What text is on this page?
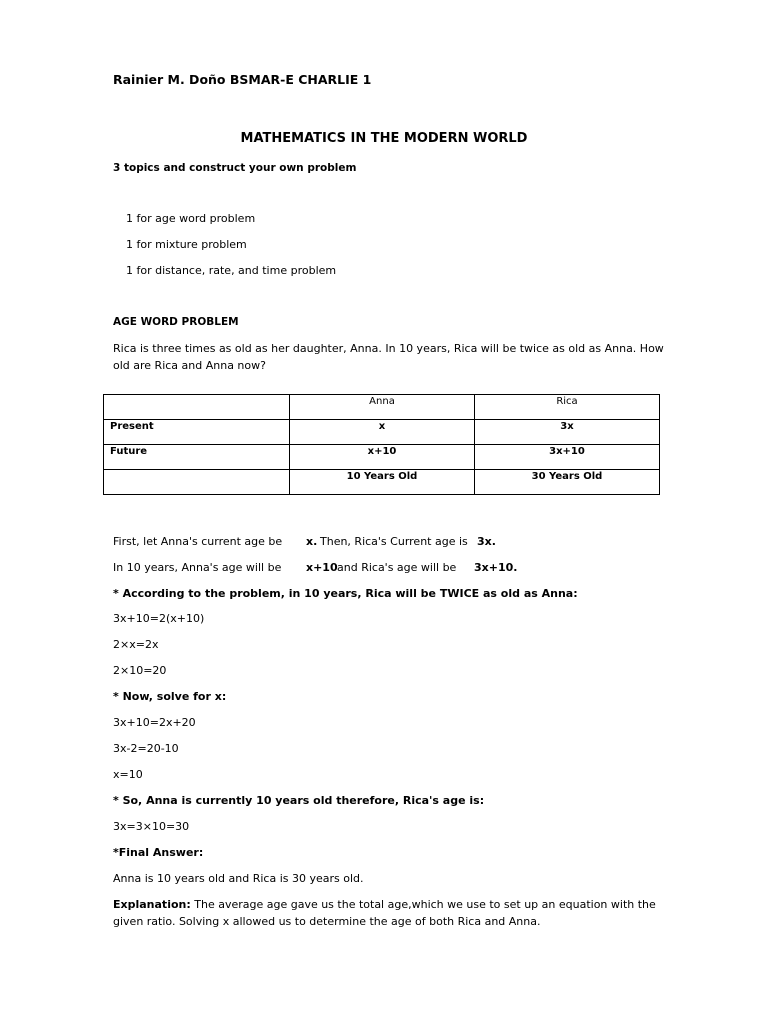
Rainier M. Doño BSMAR-E CHARLIE 1
MATHEMATICS IN THE MODERN WORLD
3 topics and construct your own problem
1 for age word problem
1 for mixture problem
1 for distance, rate, and time problem
AGE WORD PROBLEM
Rica is three times as old as her daughter, Anna. In 10 years, Rica will be twice as old as Anna. How old are Rica and Anna now?
	Anna	Rica
Present	x	3x
Future	x+10	3x+10
	10 Years Old	30 Years Old
First, let Anna's current age be x. Then, Rica's Current age is 3x.
In 10 years, Anna's age will be x+10 and Rica's age will be 3x+10.
* According to the problem, in 10 years, Rica will be TWICE as old as Anna:
3x+10=2(x+10)
2×x=2x
2×10=20
* Now, solve for x:
3x+10=2x+20
3x-2=20-10
x=10
* So, Anna is currently 10 years old therefore, Rica's age is:
3x=3×10=30
*Final Answer:
Anna is 10 years old and Rica is 30 years old.
Explanation: The average age gave us the total age,which we use to set up an equation with the given ratio. Solving x allowed us to determine the age of both Rica and Anna.
